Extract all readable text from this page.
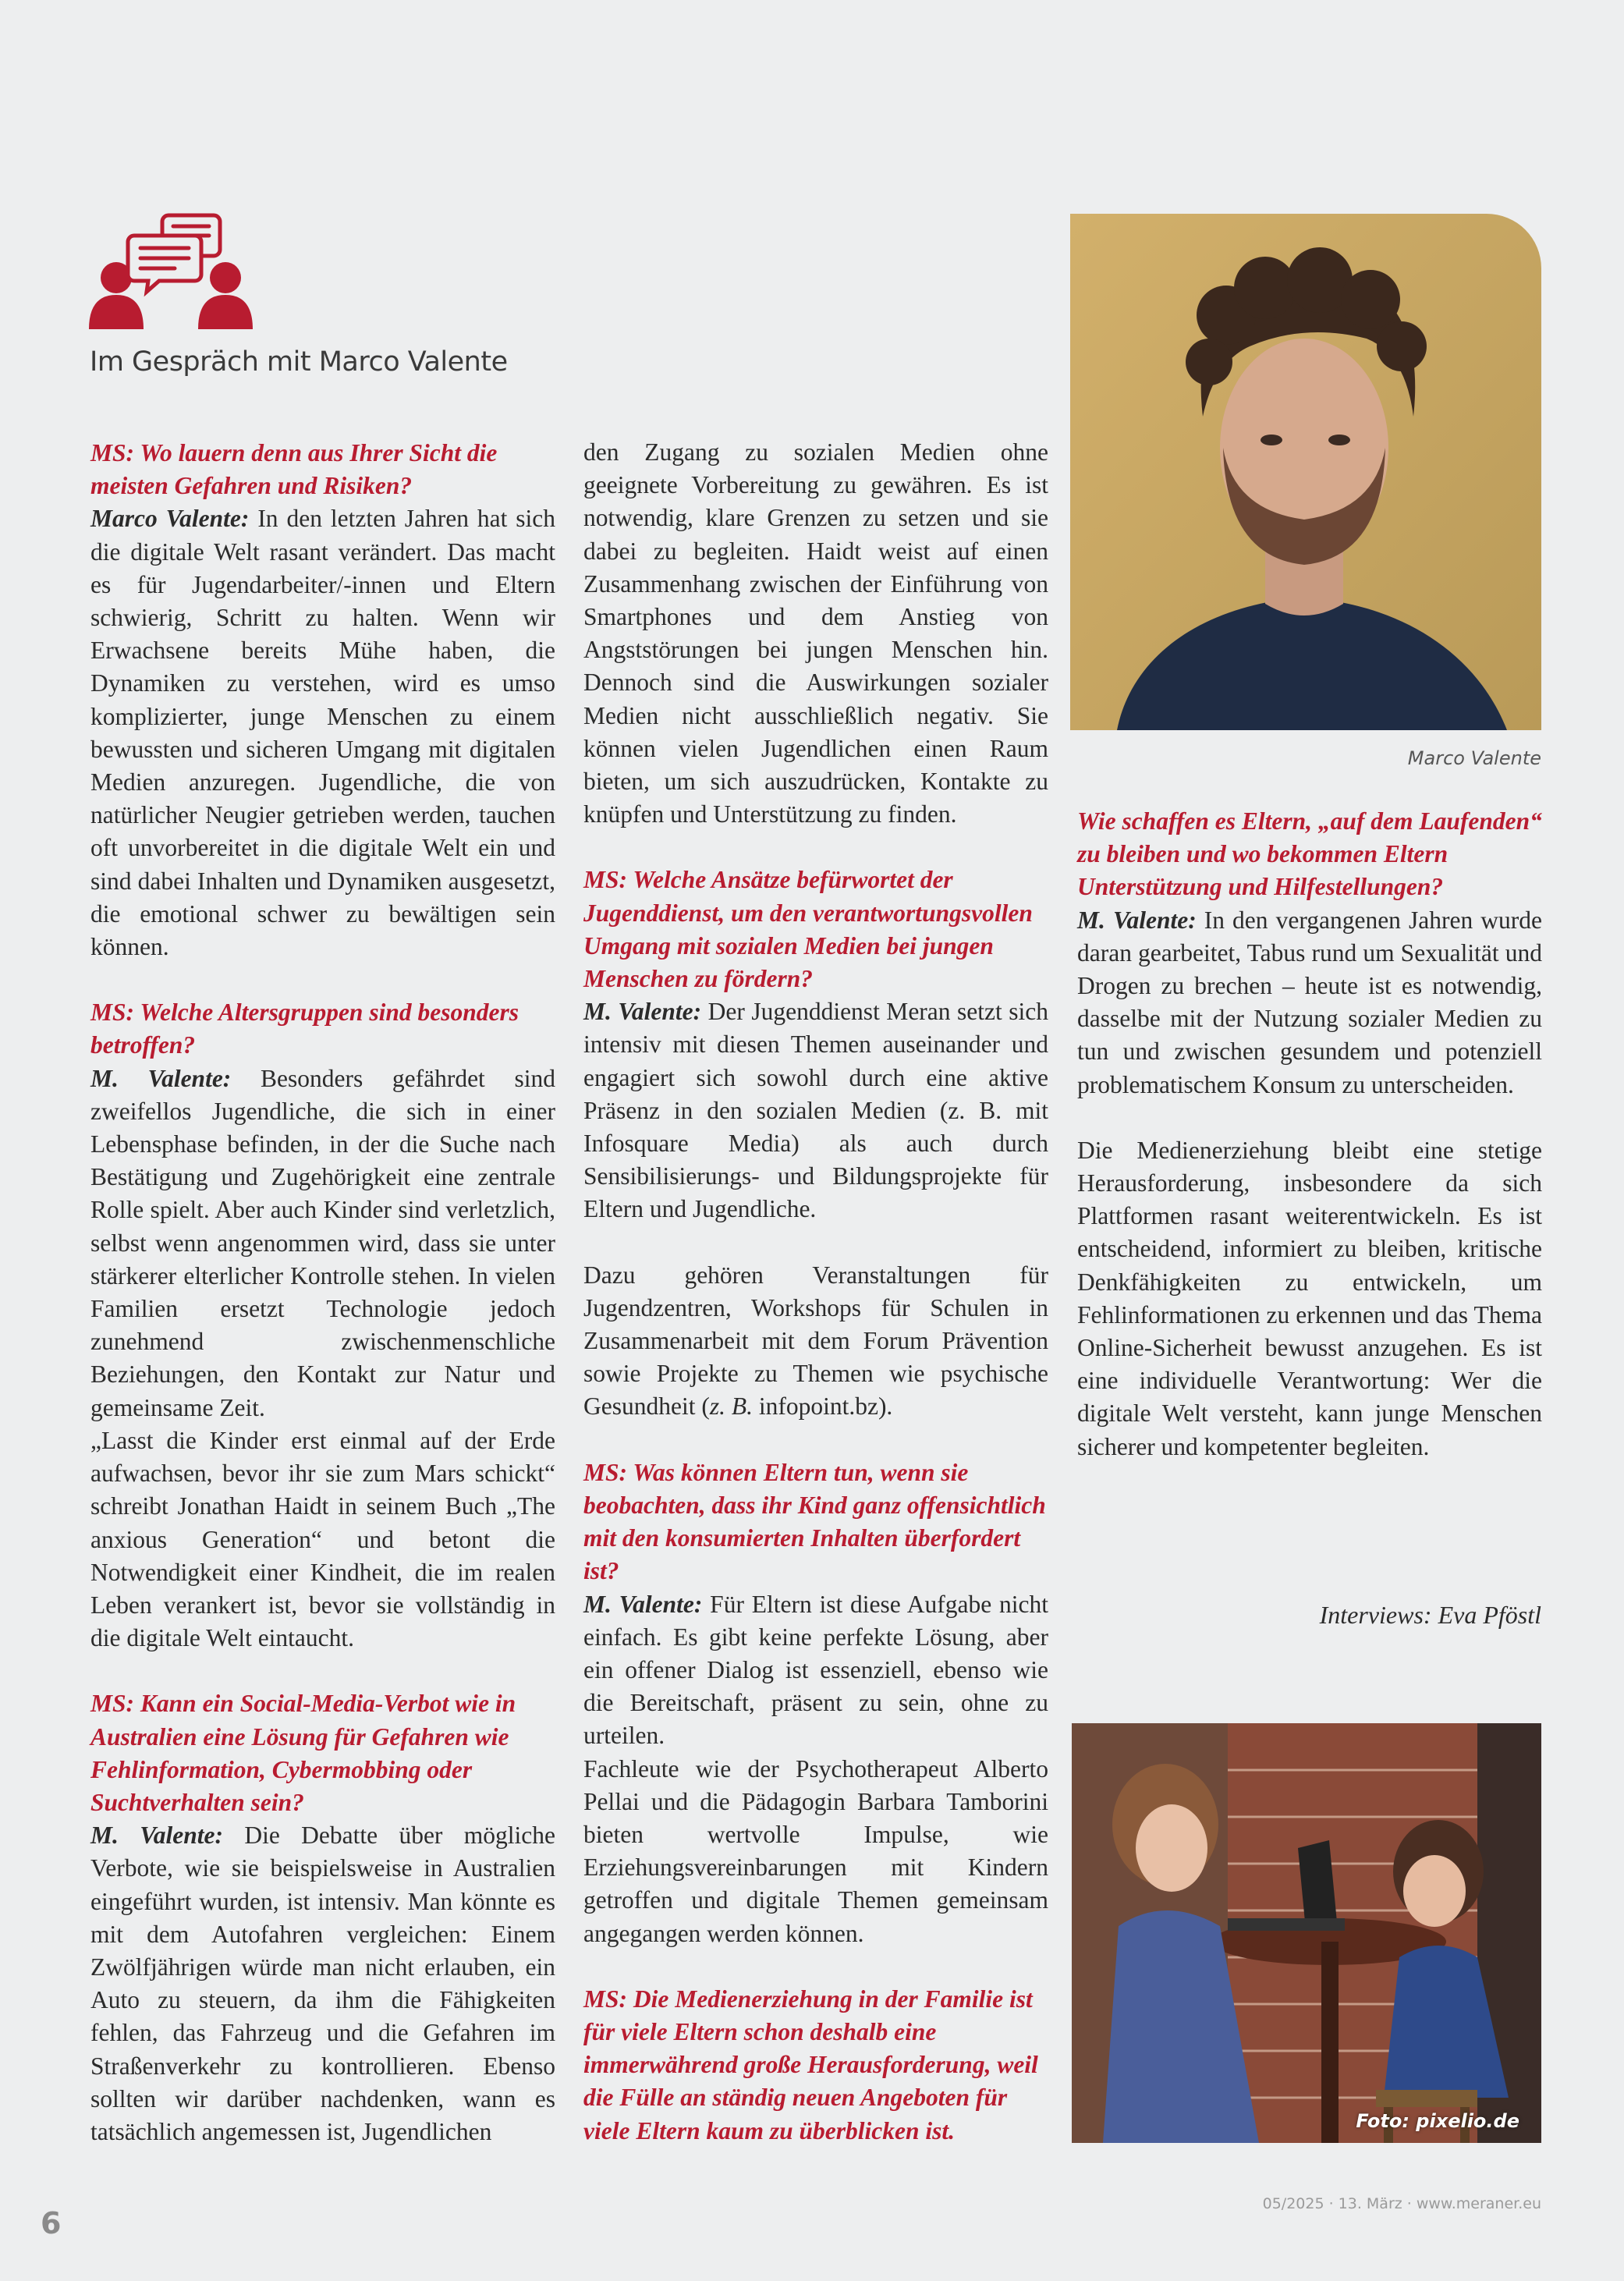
Im Gespräch mit Marco Valente

MS: Wo lauern denn aus Ihrer Sicht die meisten Gefahren und Risiken?

Marco Valente: In den letzten Jahren hat sich die digitale Welt rasant verändert. Das macht es für Jugendarbeiter/-innen und Eltern schwierig, Schritt zu halten. Wenn wir Erwachsene bereits Mühe haben, die Dynamiken zu verstehen, wird es umso komplizierter, junge Menschen zu einem bewussten und sicheren Umgang mit digitalen Medien anzuregen. Jugendliche, die von natürlicher Neugier getrieben werden, tauchen oft unvorbereitet in die digitale Welt ein und sind dabei Inhalten und Dynamiken ausgesetzt, die emotional schwer zu bewältigen sein können.

MS: Welche Altersgruppen sind besonders betroffen?

M. Valente: Besonders gefährdet sind zweifellos Jugendliche, die sich in einer Lebensphase befinden, in der die Suche nach Bestätigung und Zugehörigkeit eine zentrale Rolle spielt. Aber auch Kinder sind verletzlich, selbst wenn angenommen wird, dass sie unter stärkerer elterlicher Kontrolle stehen. In vielen Familien ersetzt Technologie jedoch zunehmend zwischenmenschliche Beziehungen, den Kontakt zur Natur und gemeinsame Zeit.

„Lasst die Kinder erst einmal auf der Erde aufwachsen, bevor ihr sie zum Mars schickt“ schreibt Jonathan Haidt in seinem Buch „The anxious Generation“ und betont die Notwendigkeit einer Kindheit, die im realen Leben verankert ist, bevor sie vollständig in die digitale Welt eintaucht.

MS: Kann ein Social-Media-Verbot wie in Australien eine Lösung für Gefahren wie Fehlinformation, Cybermobbing oder Suchtverhalten sein?

M. Valente: Die Debatte über mögliche Verbote, wie sie beispielsweise in Australien eingeführt wurden, ist intensiv. Man könnte es mit dem Autofahren vergleichen: Einem Zwölfjährigen würde man nicht erlauben, ein Auto zu steuern, da ihm die Fähigkeiten fehlen, das Fahrzeug und die Gefahren im Straßenverkehr zu kontrollieren. Ebenso sollten wir darüber nachdenken, wann es tatsächlich angemessen ist, Jugendlichen

den Zugang zu sozialen Medien ohne geeignete Vorbereitung zu gewähren. Es ist notwendig, klare Grenzen zu setzen und sie dabei zu begleiten. Haidt weist auf einen Zusammenhang zwischen der Einführung von Smartphones und dem Anstieg von Angststörungen bei jungen Menschen hin. Dennoch sind die Auswirkungen sozialer Medien nicht ausschließlich negativ. Sie können vielen Jugendlichen einen Raum bieten, um sich auszudrücken, Kontakte zu knüpfen und Unterstützung zu finden.

MS: Welche Ansätze befürwortet der Jugenddienst, um den verantwortungsvollen Umgang mit sozialen Medien bei jungen Menschen zu fördern?

M. Valente: Der Jugenddienst Meran setzt sich intensiv mit diesen Themen auseinander und engagiert sich sowohl durch eine aktive Präsenz in den sozialen Medien (z. B. mit Infosquare Media) als auch durch Sensibilisierungs- und Bildungsprojekte für Eltern und Jugendliche.

Dazu gehören Veranstaltungen für Jugendzentren, Workshops für Schulen in Zusammenarbeit mit dem Forum Prävention sowie Projekte zu Themen wie psychische Gesundheit (z. B. infopoint.bz).

MS: Was können Eltern tun, wenn sie beobachten, dass ihr Kind ganz offensichtlich mit den konsumierten Inhalten überfordert ist?

M. Valente: Für Eltern ist diese Aufgabe nicht einfach. Es gibt keine perfekte Lösung, aber ein offener Dialog ist essenziell, ebenso wie die Bereitschaft, präsent zu sein, ohne zu urteilen.

Fachleute wie der Psychotherapeut Alberto Pellai und die Pädagogin Barbara Tamborini bieten wertvolle Impulse, wie Erziehungsvereinbarungen mit Kindern getroffen und digitale Themen gemeinsam angegangen werden können.

MS: Die Medienerziehung in der Familie ist für viele Eltern schon deshalb eine immerwährend große Herausforderung, weil die Fülle an ständig neuen Angeboten für viele Eltern kaum zu überblicken ist.

Wie schaffen es Eltern, „auf dem Laufenden“ zu bleiben und wo bekommen Eltern Unterstützung und Hilfestellungen?

M. Valente: In den vergangenen Jahren wurde daran gearbeitet, Tabus rund um Sexualität und Drogen zu brechen – heute ist es notwendig, dasselbe mit der Nutzung sozialer Medien zu tun und zwischen gesundem und potenziell problematischem Konsum zu unterscheiden.

Die Medienerziehung bleibt eine stetige Herausforderung, insbesondere da sich Plattformen rasant weiterentwickeln. Es ist entscheidend, informiert zu bleiben, kritische Denkfähigkeiten zu entwickeln, um Fehlinformationen zu erkennen und das Thema Online-Sicherheit bewusst anzugehen. Es ist eine individuelle Verantwortung: Wer die digitale Welt versteht, kann junge Menschen sicherer und kompetenter begleiten.

Marco Valente
Interviews: Eva Pföstl
Foto: pixelio.de
6
05/2025 · 13. März · www.meraner.eu
